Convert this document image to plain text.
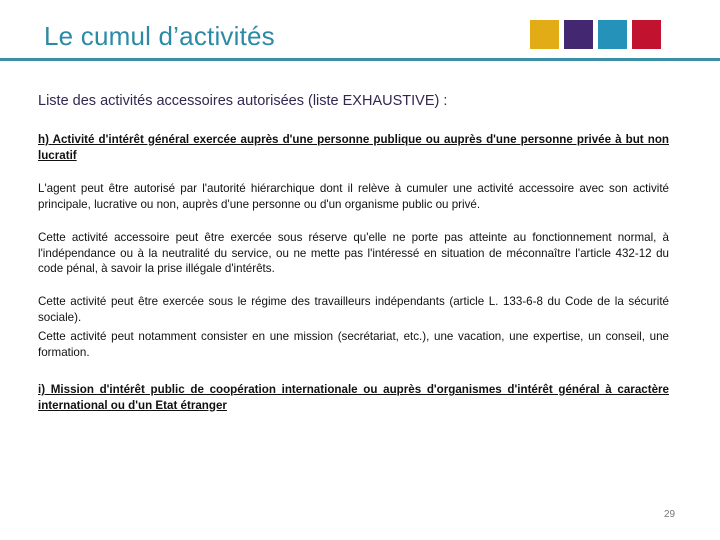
Le cumul d’activités
Liste des activités accessoires autorisées (liste EXHAUSTIVE) :
h) Activité d'intérêt général exercée auprès d'une personne publique ou auprès d'une personne privée à but non lucratif
L'agent peut être autorisé par l'autorité hiérarchique dont il relève à cumuler une activité accessoire avec son activité principale, lucrative ou non, auprès d'une personne ou d'un organisme public ou privé.
Cette activité accessoire peut être exercée sous réserve qu'elle ne porte pas atteinte au fonctionnement normal, à l'indépendance ou à la neutralité du service, ou ne mette pas l'intéressé en situation de méconnaître l'article 432-12 du code pénal, à savoir la prise illégale d'intérêts.
Cette activité peut être exercée sous le régime des travailleurs indépendants (article L. 133-6-8 du Code de la sécurité sociale).
Cette activité peut notamment consister en une mission (secrétariat, etc.), une vacation, une expertise, un conseil, une formation.
i) Mission d'intérêt public de coopération internationale ou auprès d'organismes d'intérêt général à caractère international ou d'un Etat étranger
29
